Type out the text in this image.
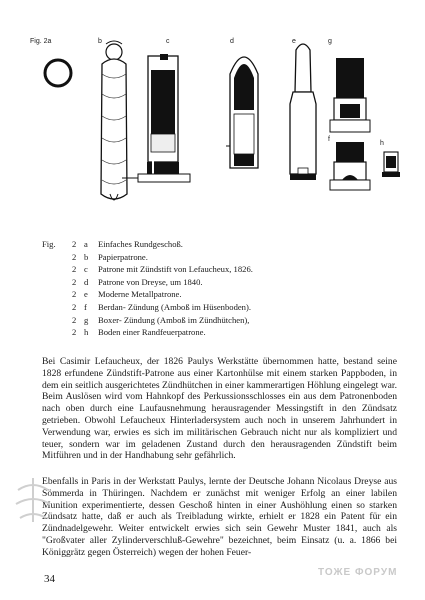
Fig. 2a	b	c	d	e	g
f
h
Fig.	2 a	Einfaches Rundgeschoß.
2 b	Papierpatrone.
2 c	Patrone mit Zündstift von Lefaucheux, 1826.
2 d	Patrone von Dreyse, um 1840.
2 e	Moderne Metallpatrone.
2 f	Berdan- Zündung (Amboß im Hüsenboden).
2 g	Boxer- Zündung (Amboß im Zündhütchen),
2 h	Boden einer Randfeuerpatrone.

Bei Casimir Lefaucheux, der 1826 Paulys Werkstätte übernommen hatte, bestand seine 1828 erfundene Zündstift-Patrone aus einer Kartonhülse mit einem starken Pappboden, in dem ein seitlich ausgerichtetes Zündhütchen in einer kammerartigen Höhlung eingelegt war. Beim Auslösen wird vom Hahnkopf des Perkussionsschlosses ein aus dem Patronenboden nach oben durch eine Laufausnehmung herausragender Messingstift in den Zündsatz getrieben. Obwohl Lefaucheux Hinterladersystem auch noch in unserem Jahrhundert in Verwendung war, erwies es sich im militärischen Gebrauch nicht nur als kompliziert und teuer, sondern war im geladenen Zustand durch den herausragenden Zündstift beim Mitführen und in der Handhabung sehr gefährlich.

Ebenfalls in Paris in der Werkstatt Paulys, lernte der Deutsche Johann Nicolaus Dreyse aus Sömmerda in Thüringen. Nachdem er zunächst mit weniger Erfolg an einer labilen Munition experimentierte, dessen Geschoß hinten in einer Aushöhlung einen so starken Zündsatz hatte, daß er auch als Treibladung wirkte, erhielt er 1828 ein Patent für ein Zündnadelgewehr. Weiter entwickelt erwies sich sein Gewehr Muster 1841, auch als "Großvater aller Zylinderverschluß-Gewehre" bezeichnet, beim Einsatz (u. a. 1866 bei Königgrätz gegen Österreich) wegen der hohen Feuer-

34
ТОЖЕ ФОРУМ
